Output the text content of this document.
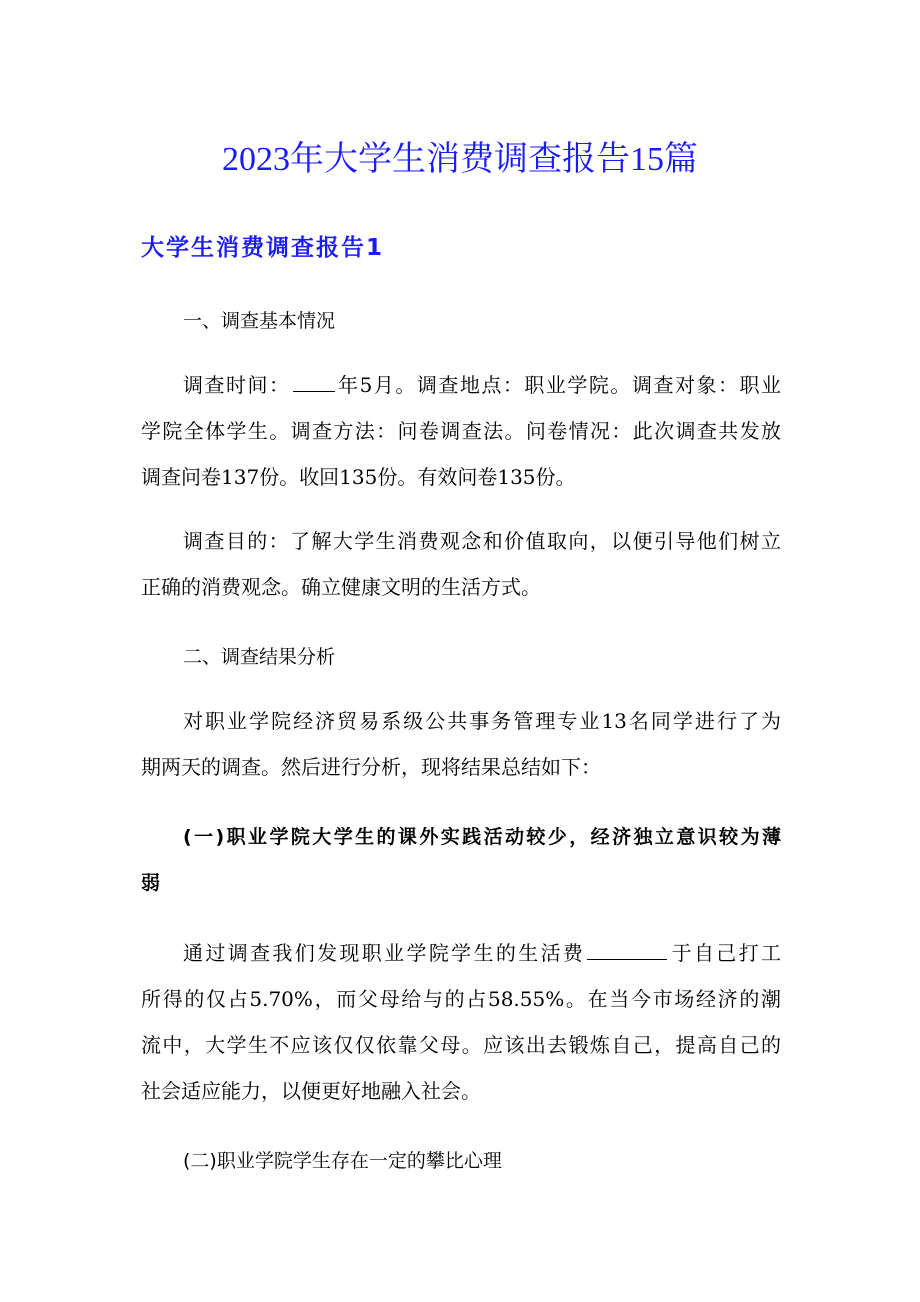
2023年大学生消费调查报告15篇
大学生消费调查报告1
一、调查基本情况
调查时间： 年5月。调查地点：职业学院。调查对象：职业
学院全体学生。调查方法：问卷调查法。问卷情况：此次调查共发放
调查问卷137份。收回135份。有效问卷135份。
调查目的：了解大学生消费观念和价值取向，以便引导他们树立
正确的消费观念。确立健康文明的生活方式。
二、调查结果分析
对职业学院经济贸易系级公共事务管理专业13名同学进行了为
期两天的调查。然后进行分析，现将结果总结如下：
(一)职业学院大学生的课外实践活动较少，经济独立意识较为薄
弱
通过调查我们发现职业学院学生的生活费	于自己打工
所得的仅占5.70%，而父母给与的占58.55%。在当今市场经济的潮
流中，大学生不应该仅仅依靠父母。应该出去锻炼自己，提高自己的
社会适应能力，以便更好地融入社会。
(二)职业学院学生存在一定的攀比心理
